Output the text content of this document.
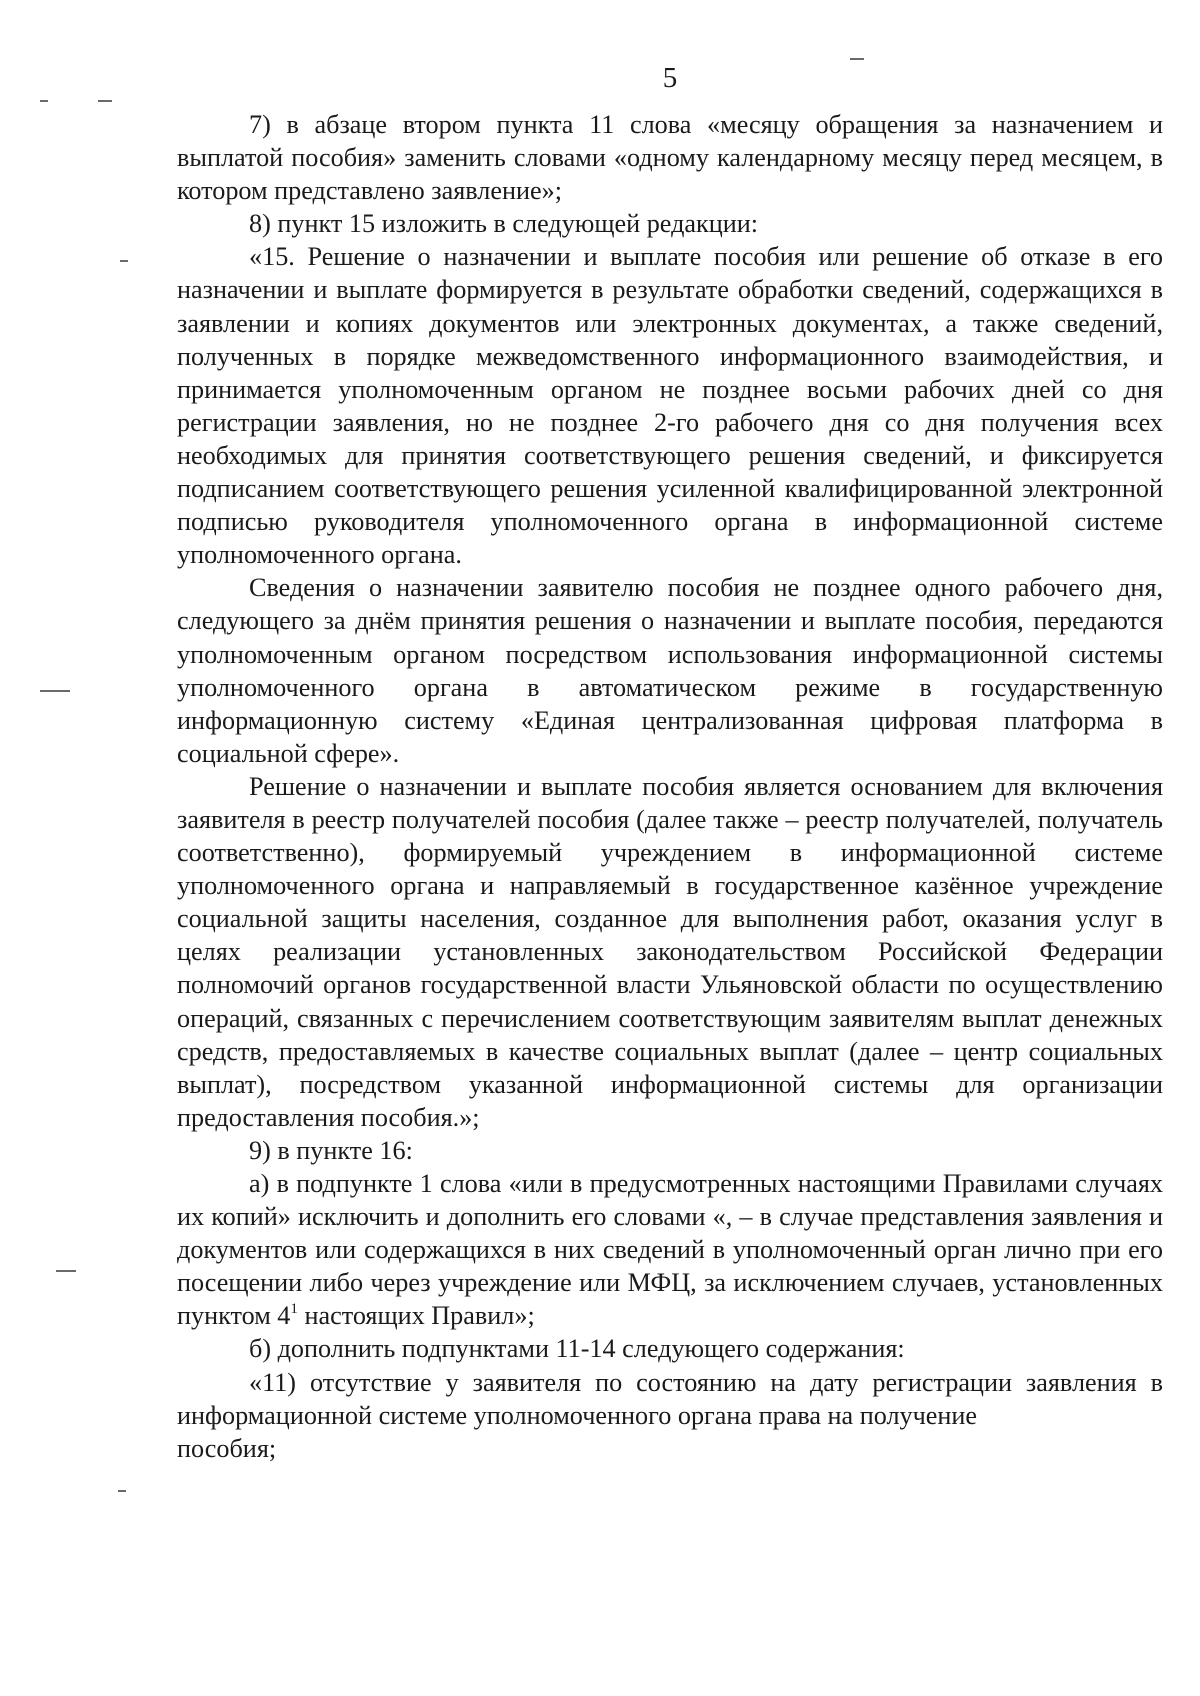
5

7) в абзаце втором пункта 11 слова «месяцу обращения за назначением и выплатой пособия» заменить словами «одному календарному месяцу перед месяцем, в котором представлено заявление»;

8) пункт 15 изложить в следующей редакции:

«15. Решение о назначении и выплате пособия или решение об отказе в его назначении и выплате формируется в результате обработки сведений, содержащихся в заявлении и копиях документов или электронных документах, а также сведений, полученных в порядке межведомственного информационного взаимодействия, и принимается уполномоченным органом не позднее восьми рабочих дней со дня регистрации заявления, но не позднее 2-го рабочего дня со дня получения всех необходимых для принятия соответствующего решения сведений, и фиксируется подписанием соответствующего решения усиленной квалифицированной электронной подписью руководителя уполномоченного органа в информационной системе уполномоченного органа.

Сведения о назначении заявителю пособия не позднее одного рабочего дня, следующего за днём принятия решения о назначении и выплате пособия, передаются уполномоченным органом посредством использования информационной системы уполномоченного органа в автоматическом режиме в государственную информационную систему «Единая централизованная цифровая платформа в социальной сфере».

Решение о назначении и выплате пособия является основанием для включения заявителя в реестр получателей пособия (далее также – реестр получателей, получатель соответственно), формируемый учреждением в информационной системе уполномоченного органа и направляемый в государственное казённое учреждение социальной защиты населения, созданное для выполнения работ, оказания услуг в целях реализации установленных законодательством Российской Федерации полномочий органов государственной власти Ульяновской области по осуществлению операций, связанных с перечислением соответствующим заявителям выплат денежных средств, предоставляемых в качестве социальных выплат (далее – центр социальных выплат), посредством указанной информационной системы для организации предоставления пособия.»;

9) в пункте 16:

а) в подпункте 1 слова «или в предусмотренных настоящими Правилами случаях их копий» исключить и дополнить его словами «, – в случае представления заявления и документов или содержащихся в них сведений в уполномоченный орган лично при его посещении либо через учреждение или МФЦ, за исключением случаев, установленных пунктом $4^1$ настоящих Правил»;

б) дополнить подпунктами 11-14 следующего содержания:

«11) отсутствие у заявителя по состоянию на дату регистрации заявления в информационной системе уполномоченного органа права на получение

пособия;
